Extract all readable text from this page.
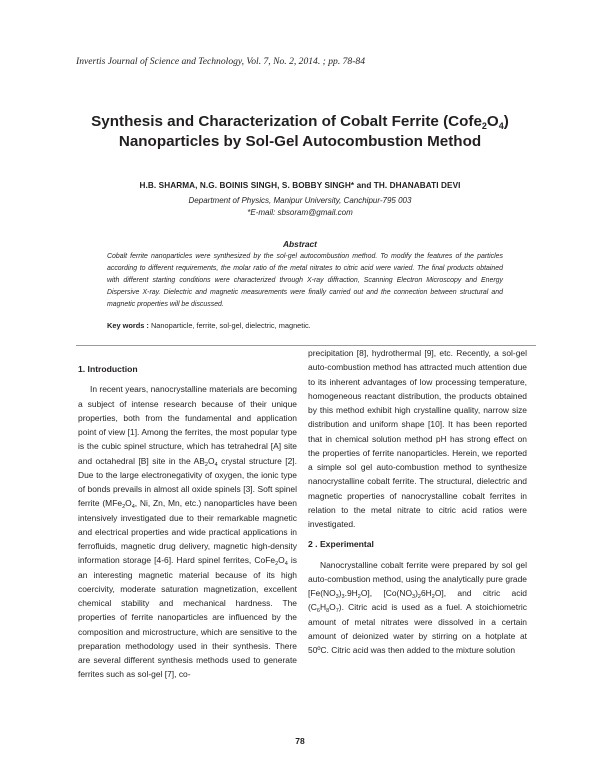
Invertis Journal of Science and Technology, Vol. 7, No. 2, 2014. ; pp. 78-84
Synthesis and Characterization of Cobalt Ferrite $(Cofe_2O_4)$
Nanoparticles by Sol-Gel Autocombustion Method
H.B. SHARMA, N.G. BOINIS SINGH, S. BOBBY SINGH* and TH. DHANABATI DEVI
Department of Physics, Manipur University, Canchipur-795 003
*E-mail: sbsoram@gmail.com
Abstract
Cobalt ferrite nanoparticles were synthesized by the sol-gel autocombustion method. To modify the features of the particles according to different requirements, the molar ratio of the metal nitrates to citric acid were varied. The final products obtained with different starting conditions were characterized through X-ray diffraction, Scanning Electron Microscopy and Energy Dispersive X-ray. Dielectric and magnetic measurements were finally carried out and the connection between structural and magnetic properties will be discussed.
Key words : Nanoparticle, ferrite, sol-gel, dielectric, magnetic.
1. Introduction

In recent years, nanocrystalline materials are becoming a subject of intense research because of their unique properties, both from the fundamental and application point of view [1]. Among the ferrites, the most popular type is the cubic spinel structure, which has tetrahedral [A] site and octahedral [B] site in the $AB_2O_4$ crystal structure [2]. Due to the large electronegativity of oxygen, the ionic type of bonds prevails in almost all oxide spinels [3]. Soft spinel ferrite ($MFe_2O_4$, Ni, Zn, Mn, etc.) nanoparticles have been intensively investigated due to their remarkable magnetic and electrical properties and wide practical applications in ferrofluids, magnetic drug delivery, magnetic high-density information storage [4-6]. Hard spinel ferrites, $CoFe_2O_4$ is an interesting magnetic material because of its high coercivity, moderate saturation magnetization, excellent chemical stability and mechanical hardness. The properties of ferrite nanoparticles are influenced by the composition and microstructure, which are sensitive to the preparation methodology used in their synthesis. There are several different synthesis methods used to generate ferrites such as sol-gel [7], co-

precipitation [8], hydrothermal [9], etc. Recently, a sol-gel auto-combustion method has attracted much attention due to its inherent advantages of low processing temperature, homogeneous reactant distribution, the products obtained by this method exhibit high crystalline quality, narrow size distribution and uniform shape [10]. It has been reported that in chemical solution method pH has strong effect on the properties of ferrite nanoparticles. Herein, we reported a simple sol gel auto-combustion method to synthesize nanocrystalline cobalt ferrite. The structural, dielectric and magnetic properties of nanocrystalline cobalt ferrites in relation to the metal nitrate to citric acid ratios were investigated.

2 . Experimental

Nanocrystalline cobalt ferrite were prepared by sol gel auto-combustion method, using the analytically pure grade $[Fe(NO_3)_3.9H_2O]$, $[Co(NO_3)_26H_2O]$, and citric acid $(C_6H_8O_7)$. Citric acid is used as a fuel. A stoichiometric amount of metal nitrates were dissolved in a certain amount of deionized water by stirring on a hotplate at 50ºC. Citric acid was then added to the mixture solution

78
